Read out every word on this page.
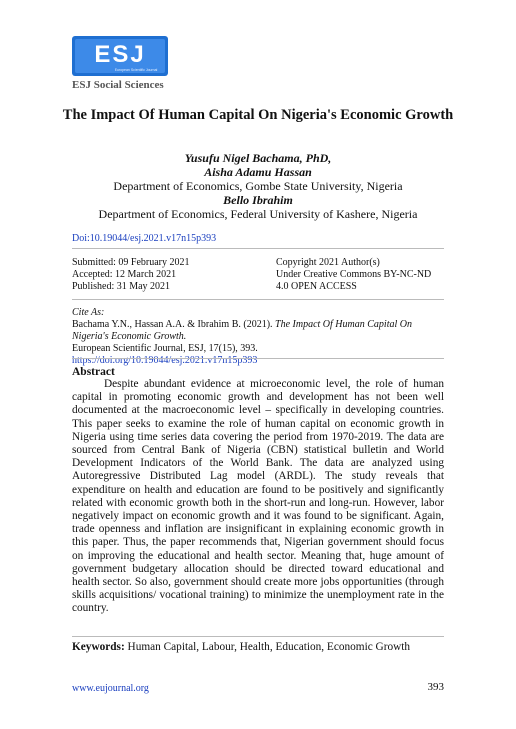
ESJ
European Scientific Journal
ESJ Social Sciences
The Impact Of Human Capital On Nigeria's Economic Growth
Yusufu Nigel Bachama, PhD,
Aisha Adamu Hassan
Department of Economics, Gombe State University, Nigeria
Bello Ibrahim
Department of Economics, Federal University of Kashere, Nigeria
Doi:10.19044/esj.2021.v17n15p393
Submitted: 09 February 2021
Accepted: 12 March 2021
Published: 31 May 2021
Copyright 2021 Author(s)
Under Creative Commons BY-NC-ND
4.0 OPEN ACCESS
Cite As:
Bachama Y.N., Hassan A.A. & Ibrahim B. (2021). The Impact Of Human Capital On Nigeria's Economic Growth.
European Scientific Journal, ESJ, 17(15), 393. https://doi.org/10.19044/esj.2021.v17n15p393
Abstract

Despite abundant evidence at microeconomic level, the role of human capital in promoting economic growth and development has not been well documented at the macroeconomic level – specifically in developing countries. This paper seeks to examine the role of human capital on economic growth in Nigeria using time series data covering the period from 1970-2019. The data are sourced from Central Bank of Nigeria (CBN) statistical bulletin and World Development Indicators of the World Bank. The data are analyzed using Autoregressive Distributed Lag model (ARDL). The study reveals that expenditure on health and education are found to be positively and significantly related with economic growth both in the short-run and long-run. However, labor negatively impact on economic growth and it was found to be significant. Again, trade openness and inflation are insignificant in explaining economic growth in this paper. Thus, the paper recommends that, Nigerian government should focus on improving the educational and health sector. Meaning that, huge amount of government budgetary allocation should be directed toward educational and health sector. So also, government should create more jobs opportunities (through skills acquisitions/ vocational training) to minimize the unemployment rate in the country.

Keywords: Human Capital, Labour, Health, Education, Economic Growth
www.eujournal.org	393
